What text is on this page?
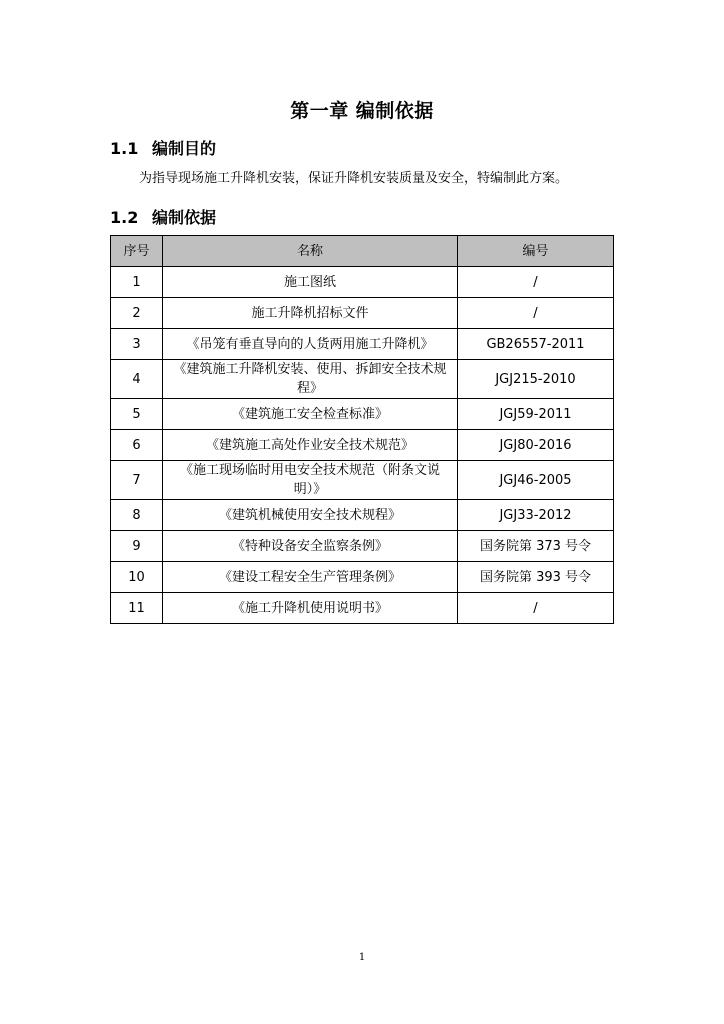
第一章 编制依据
1.1 编制目的
为指导现场施工升降机安装，保证升降机安装质量及安全，特编制此方案。
1.2 编制依据
序号	名称	编号
1	施工图纸	/
2	施工升降机招标文件	/
3	《吊笼有垂直导向的人货两用施工升降机》	GB26557-2011
4	《建筑施工升降机安装、使用、拆卸安全技术规程》	JGJ215-2010
5	《建筑施工安全检查标准》	JGJ59-2011
6	《建筑施工高处作业安全技术规范》	JGJ80-2016
7	《施工现场临时用电安全技术规范（附条文说明）》	JGJ46-2005
8	《建筑机械使用安全技术规程》	JGJ33-2012
9	《特种设备安全监察条例》	国务院第 373 号令
10	《建设工程安全生产管理条例》	国务院第 393 号令
11	《施工升降机使用说明书》	/
1
